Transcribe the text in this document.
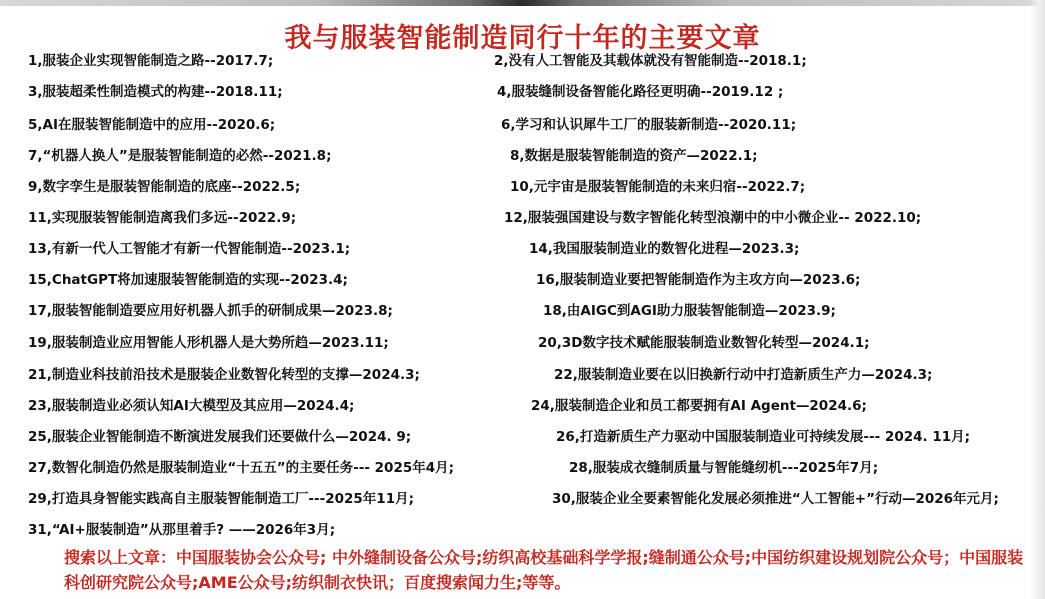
我与服装智能制造同行十年的主要文章
1,服装企业实现智能制造之路--2017.7;	2,没有人工智能及其载体就没有智能制造--2018.1;
3,服装超柔性制造模式的构建--2018.11;	4,服装缝制设备智能化路径更明确--2019.12 ;
5,AI在服装智能制造中的应用--2020.6;	6,学习和认识犀牛工厂的服装新制造--2020.11;
7,“机器人换人”是服装智能制造的必然--2021.8;	8,数据是服装智能制造的资产—2022.1;
9,数字孪生是服装智能制造的底座--2022.5;	10,元宇宙是服装智能制造的未来归宿--2022.7;
11,实现服装智能制造离我们多远--2022.9;	12,服装强国建设与数字智能化转型浪潮中的中小微企业-- 2022.10;
13,有新一代人工智能才有新一代智能制造--2023.1;	14,我国服装制造业的数智化进程—2023.3;
15,ChatGPT将加速服装智能制造的实现--2023.4;	16,服装制造业要把智能制造作为主攻方向—2023.6;
17,服装智能制造要应用好机器人抓手的研制成果—2023.8;	18,由AIGC到AGI助力服装智能制造—2023.9;
19,服装制造业应用智能人形机器人是大势所趋—2023.11;	20,3D数字技术赋能服装制造业数智化转型—2024.1;
21,制造业科技前沿技术是服装企业数智化转型的支撑—2024.3;	22,服装制造业要在以旧换新行动中打造新质生产力—2024.3;
23,服装制造业必须认知AI大模型及其应用—2024.4;	24,服装制造企业和员工都要拥有AI Agent—2024.6;
25,服装企业智能制造不断演进发展我们还要做什么—2024. 9;	26,打造新质生产力驱动中国服装制造业可持续发展--- 2024. 11月;
27,数智化制造仍然是服装制造业“十五五”的主要任务--- 2025年4月;	28,服装成衣缝制质量与智能缝纫机---2025年7月;
29,打造具身智能实践高自主服装智能制造工厂---2025年11月;	30,服装企业全要素智能化发展必须推进“人工智能+”行动—2026年元月;
31,“AI+服装制造”从那里着手? ——2026年3月;
搜索以上文章：中国服装协会公众号; 中外缝制设备公众号;纺织高校基础科学学报;缝制通公众号;中国纺织建设规划院公众号；中国服装科创研究院公众号;AME公众号;纺织制衣快讯；百度搜索闻力生;等等。
